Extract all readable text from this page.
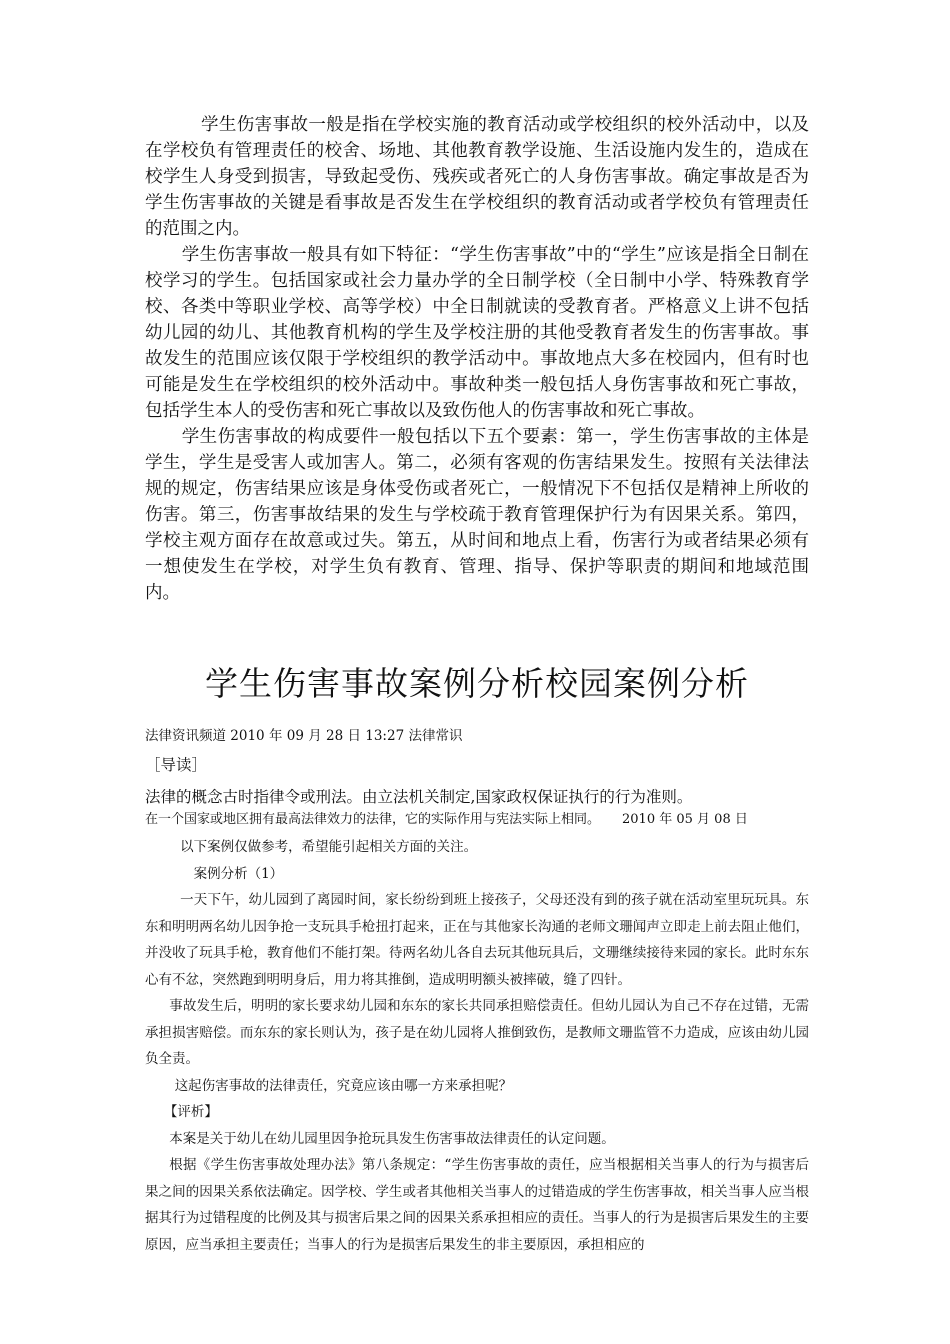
学生伤害事故一般是指在学校实施的教育活动或学校组织的校外活动中，以及在学校负有管理责任的校舍、场地、其他教育教学设施、生活设施内发生的，造成在校学生人身受到损害，导致起受伤、残疾或者死亡的人身伤害事故。确定事故是否为学生伤害事故的关键是看事故是否发生在学校组织的教育活动或者学校负有管理责任的范围之内。

学生伤害事故一般具有如下特征：“学生伤害事故”中的“学生”应该是指全日制在校学习的学生。包括国家或社会力量办学的全日制学校（全日制中小学、特殊教育学校、各类中等职业学校、高等学校）中全日制就读的受教育者。严格意义上讲不包括幼儿园的幼儿、其他教育机构的学生及学校注册的其他受教育者发生的伤害事故。事故发生的范围应该仅限于学校组织的教学活动中。事故地点大多在校园内，但有时也可能是发生在学校组织的校外活动中。事故种类一般包括人身伤害事故和死亡事故，包括学生本人的受伤害和死亡事故以及致伤他人的伤害事故和死亡事故。

学生伤害事故的构成要件一般包括以下五个要素：第一，学生伤害事故的主体是学生，学生是受害人或加害人。第二，必须有客观的伤害结果发生。按照有关法律法规的规定，伤害结果应该是身体受伤或者死亡，一般情况下不包括仅是精神上所收的伤害。第三，伤害事故结果的发生与学校疏于教育管理保护行为有因果关系。第四，学校主观方面存在故意或过失。第五，从时间和地点上看，伤害行为或者结果必须有一想使发生在学校，对学生负有教育、管理、指导、保护等职责的期间和地域范围内。

学生伤害事故案例分析校园案例分析
法律资讯频道 2010 年 09 月 28 日 13:27 法律常识
［导读］
法律的概念古时指律令或刑法。由立法机关制定,国家政权保证执行的行为准则。
在一个国家或地区拥有最高法律效力的法律，它的实际作用与宪法实际上相同。 2010 年 05 月 08 日

以下案例仅做参考，希望能引起相关方面的关注。

案例分析（1）

一天下午，幼儿园到了离园时间，家长纷纷到班上接孩子，父母还没有到的孩子就在活动室里玩玩具。东东和明明两名幼儿因争抢一支玩具手枪扭打起来，正在与其他家长沟通的老师文珊闻声立即走上前去阻止他们，并没收了玩具手枪，教育他们不能打架。待两名幼儿各自去玩其他玩具后，文珊继续接待来园的家长。此时东东心有不忿，突然跑到明明身后，用力将其推倒，造成明明额头被摔破，缝了四针。

事故发生后，明明的家长要求幼儿园和东东的家长共同承担赔偿责任。但幼儿园认为自己不存在过错，无需承担损害赔偿。而东东的家长则认为，孩子是在幼儿园将人推倒致伤，是教师文珊监管不力造成，应该由幼儿园负全责。

这起伤害事故的法律责任，究竟应该由哪一方来承担呢？

【评析】

本案是关于幼儿在幼儿园里因争抢玩具发生伤害事故法律责任的认定问题。

根据《学生伤害事故处理办法》第八条规定：“学生伤害事故的责任，应当根据相关当事人的行为与损害后果之间的因果关系依法确定。因学校、学生或者其他相关当事人的过错造成的学生伤害事故，相关当事人应当根据其行为过错程度的比例及其与损害后果之间的因果关系承担相应的责任。当事人的行为是损害后果发生的主要原因，应当承担主要责任；当事人的行为是损害后果发生的非主要原因，承担相应的
